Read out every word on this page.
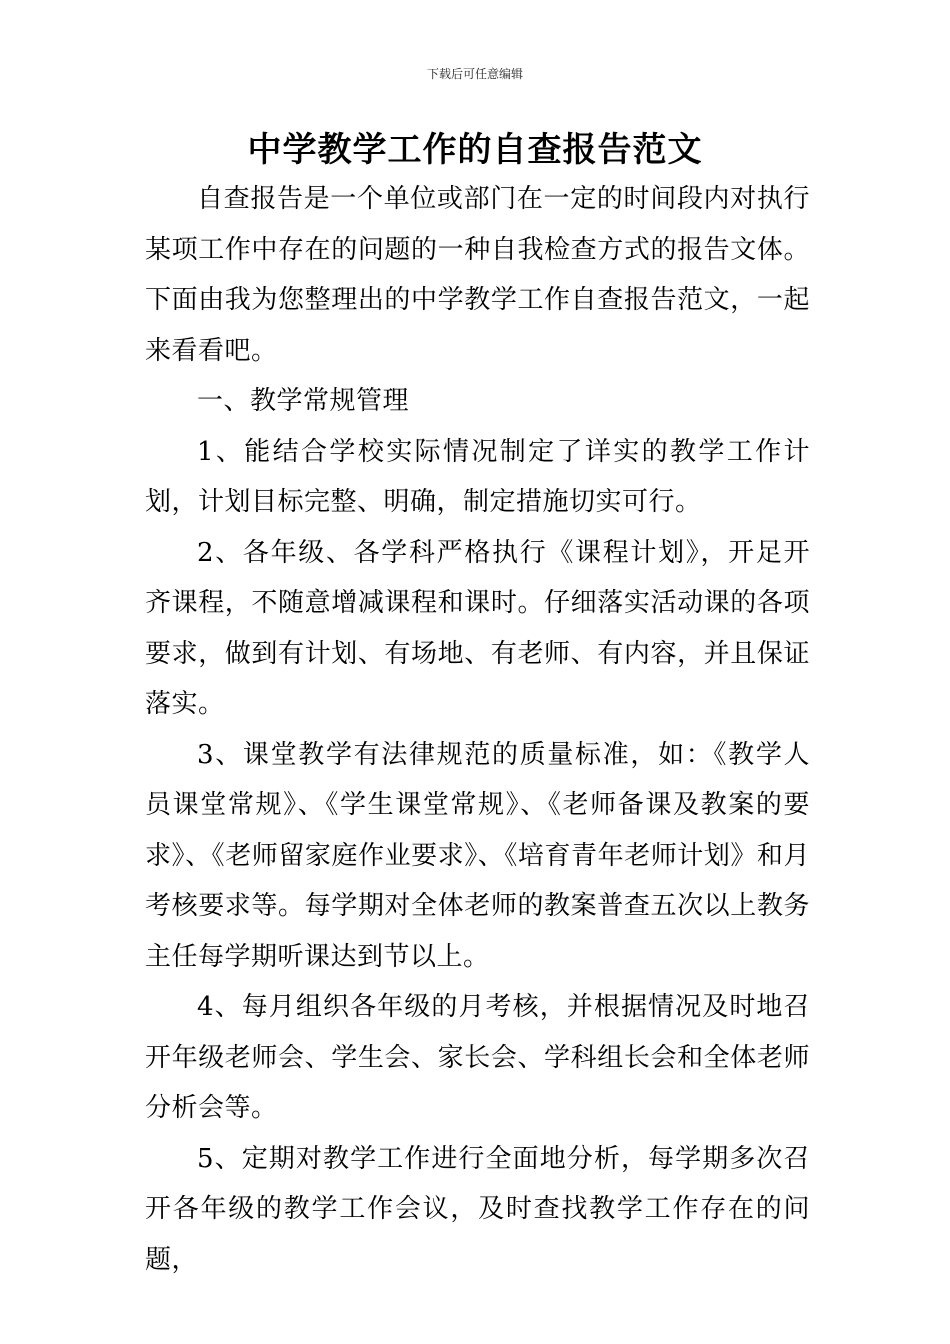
下载后可任意编辑
中学教学工作的自查报告范文

自查报告是一个单位或部门在一定的时间段内对执行某项工作中存在的问题的一种自我检查方式的报告文体。下面由我为您整理出的中学教学工作自查报告范文，一起来看看吧。

一、教学常规管理

1、能结合学校实际情况制定了详实的教学工作计划，计划目标完整、明确，制定措施切实可行。

2、各年级、各学科严格执行《课程计划》，开足开齐课程，不随意增减课程和课时。仔细落实活动课的各项要求，做到有计划、有场地、有老师、有内容，并且保证落实。

3、课堂教学有法律规范的质量标准，如：《教学人员课堂常规》、《学生课堂常规》、《老师备课及教案的要求》、《老师留家庭作业要求》、《培育青年老师计划》和月考核要求等。每学期对全体老师的教案普查五次以上教务主任每学期听课达到节以上。

4、每月组织各年级的月考核，并根据情况及时地召开年级老师会、学生会、家长会、学科组长会和全体老师分析会等。

5、定期对教学工作进行全面地分析，每学期多次召开各年级的教学工作会议，及时查找教学工作存在的问题，
